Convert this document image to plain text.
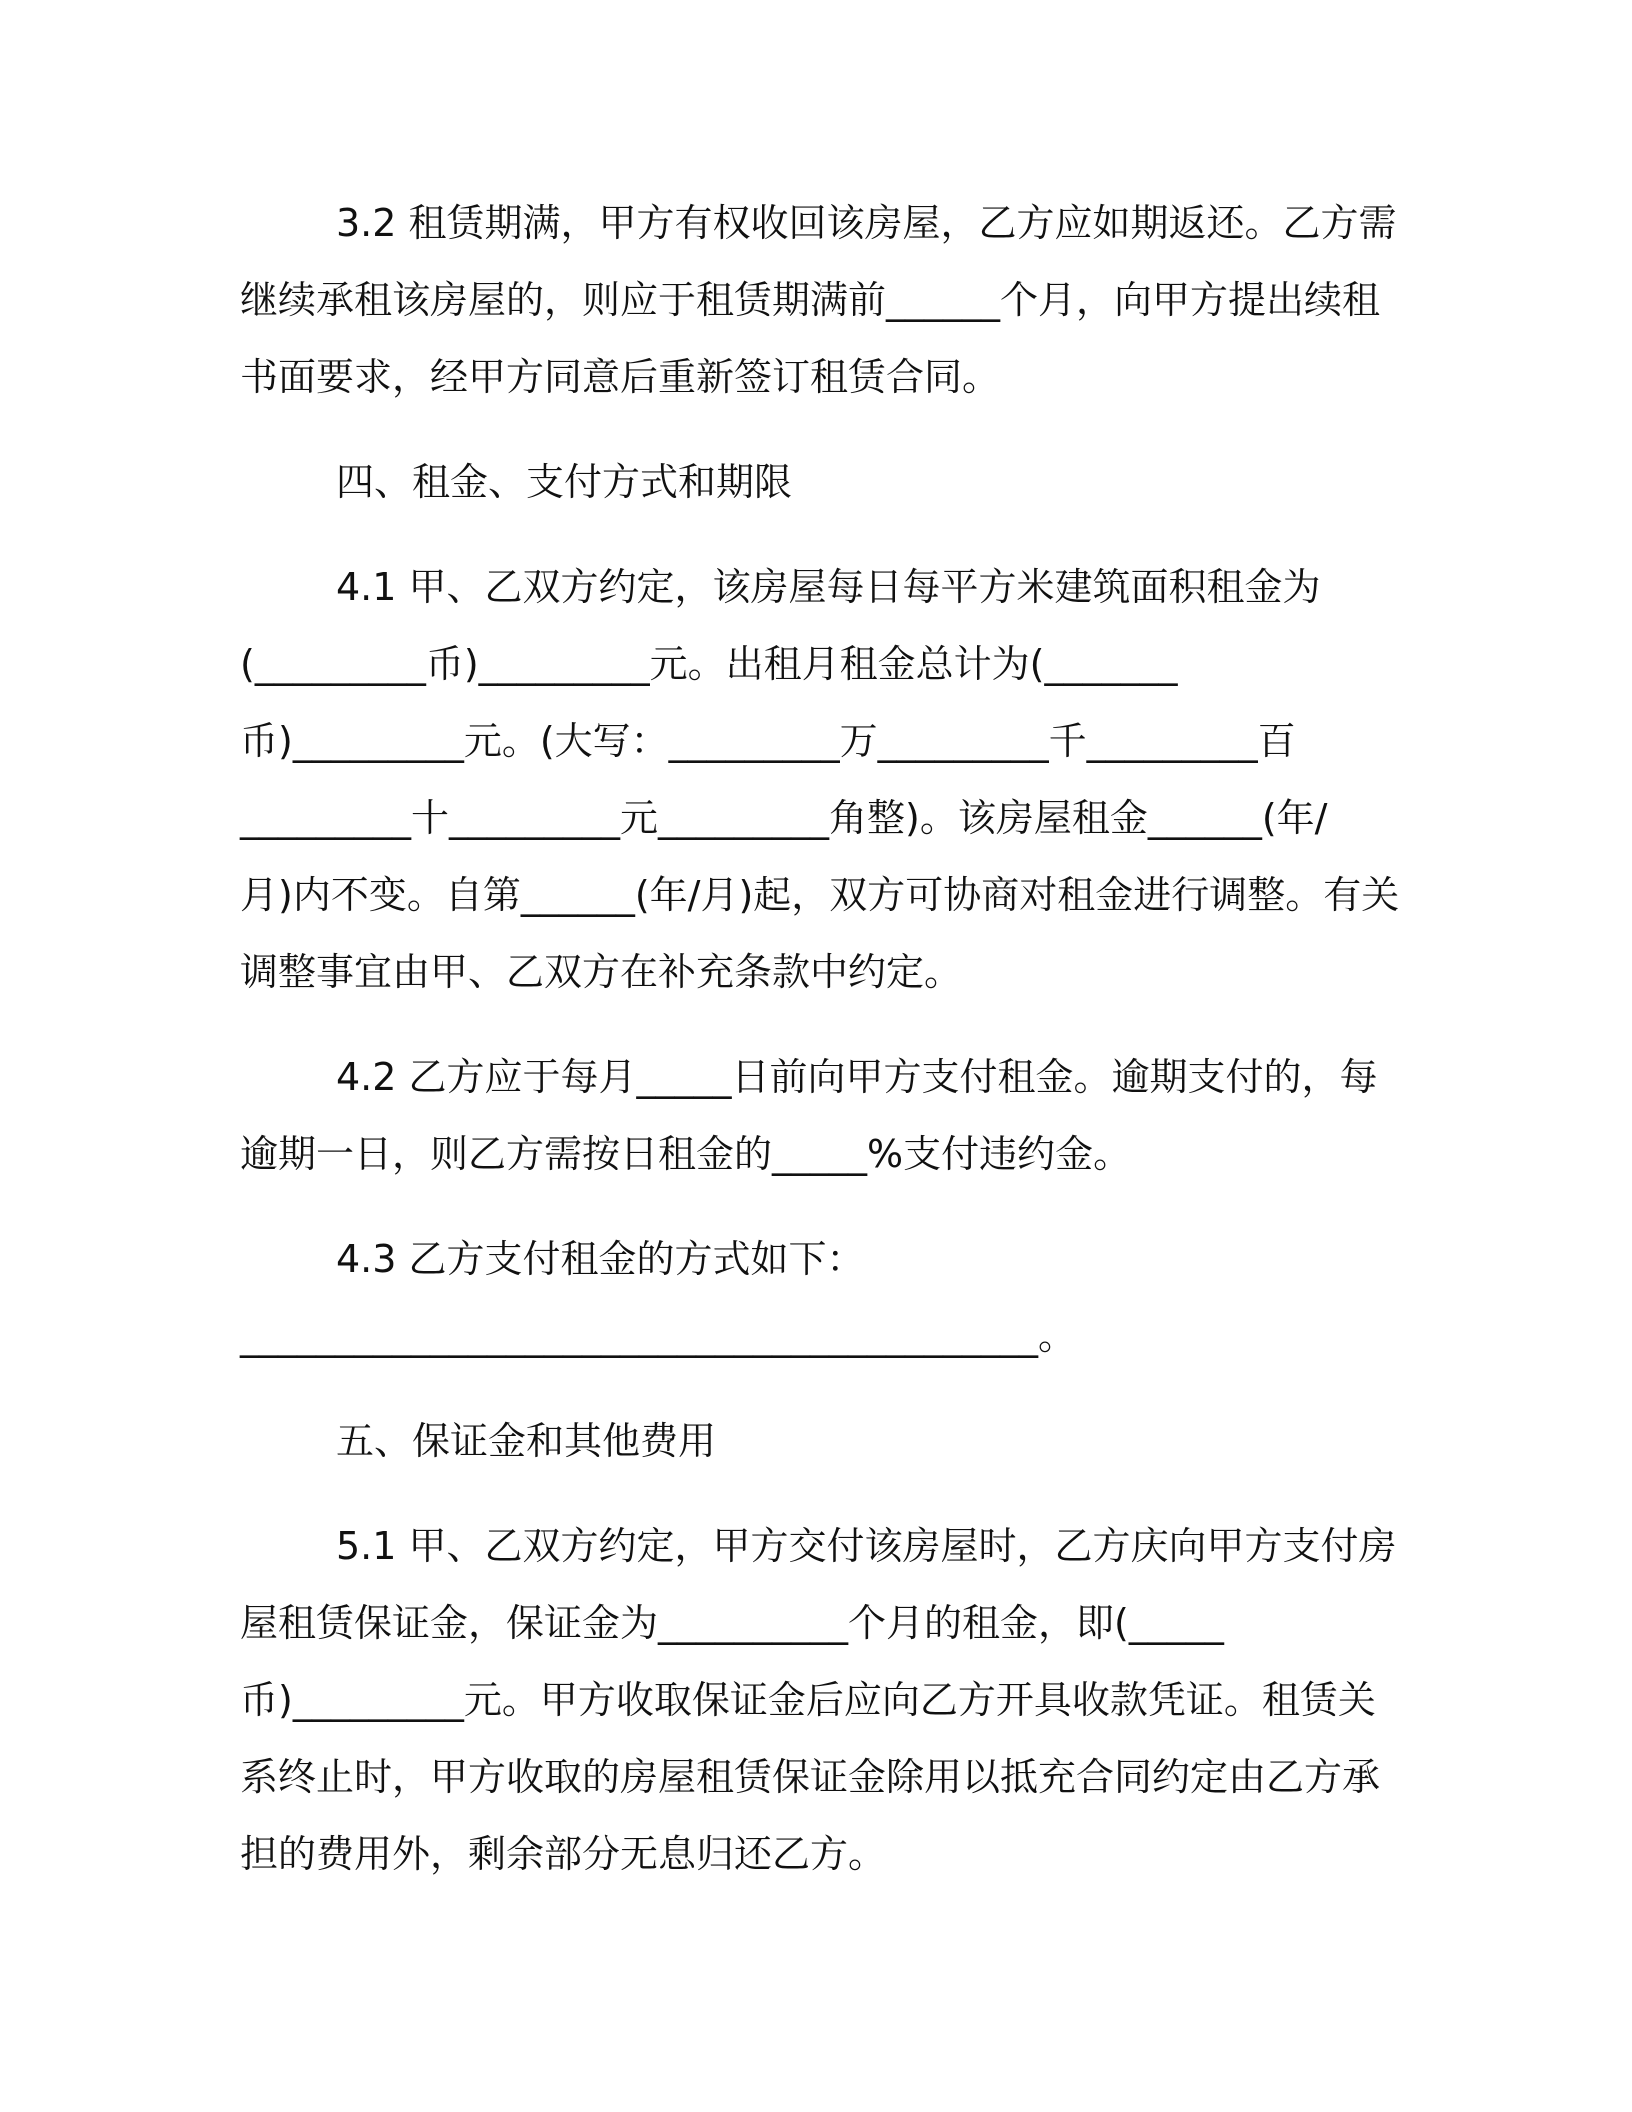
3.2 租赁期满，甲方有权收回该房屋，乙方应如期返还。乙方需
继续承租该房屋的，则应于租赁期满前______个月，向甲方提出续租
书面要求，经甲方同意后重新签订租赁合同。
四、租金、支付方式和期限
4.1 甲、乙双方约定，该房屋每日每平方米建筑面积租金为
(_________币)_________元。出租月租金总计为(_______
币)_________元。(大写：_________万_________千_________百
_________十_________元_________角整)。该房屋租金______(年/
月)内不变。自第______(年/月)起，双方可协商对租金进行调整。有关
调整事宜由甲、乙双方在补充条款中约定。
4.2 乙方应于每月_____日前向甲方支付租金。逾期支付的，每
逾期一日，则乙方需按日租金的_____%支付违约金。
4.3 乙方支付租金的方式如下：
__________________________________________。
五、保证金和其他费用
5.1 甲、乙双方约定，甲方交付该房屋时，乙方庆向甲方支付房
屋租赁保证金，保证金为__________个月的租金，即(_____
币)_________元。甲方收取保证金后应向乙方开具收款凭证。租赁关
系终止时，甲方收取的房屋租赁保证金除用以抵充合同约定由乙方承
担的费用外，剩余部分无息归还乙方。
